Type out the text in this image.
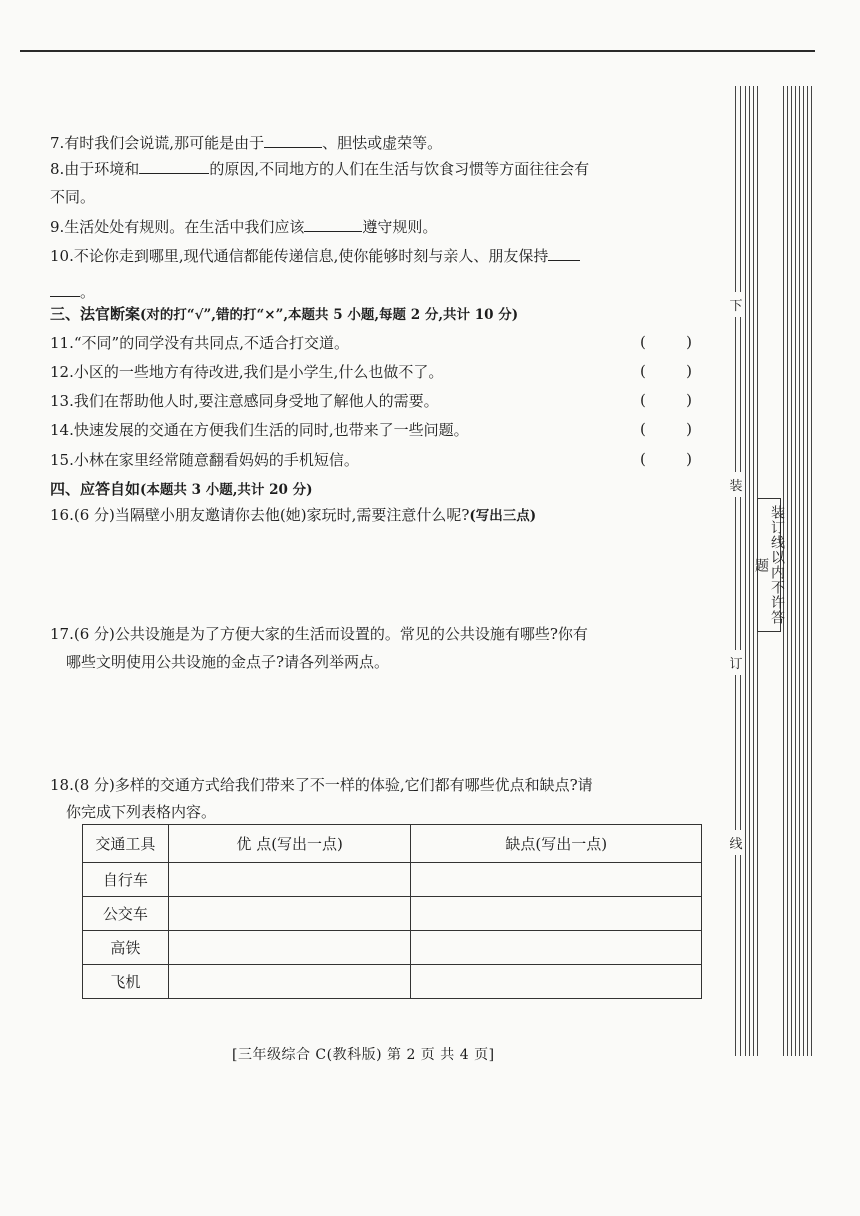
7.有时我们会说谎,那可能是由于	、胆怯或虚荣等。
8.由于环境和	的原因,不同地方的人们在生活与饮食习惯等方面往往会有
不同。
9.生活处处有规则。在生活中我们应该	遵守规则。
10.不论你走到哪里,现代通信都能传递信息,使你能够时刻与亲人、朋友保持
。
三、法官断案(对的打“√”,错的打“×”,本题共 5 小题,每题 2 分,共计 10 分)
11.“不同”的同学没有共同点,不适合打交道。	(	)
12.小区的一些地方有待改进,我们是小学生,什么也做不了。	(	)
13.我们在帮助他人时,要注意感同身受地了解他人的需要。	(	)
14.快速发展的交通在方便我们生活的同时,也带来了一些问题。	(	)
15.小林在家里经常随意翻看妈妈的手机短信。	(	)
四、应答自如(本题共 3 小题,共计 20 分)
16.(6 分)当隔壁小朋友邀请你去他(她)家玩时,需要注意什么呢?(写出三点)
17.(6 分)公共设施是为了方便大家的生活而设置的。常见的公共设施有哪些?你有
哪些文明使用公共设施的金点子?请各列举两点。
18.(8 分)多样的交通方式给我们带来了不一样的体验,它们都有哪些优点和缺点?请
你完成下列表格内容。
交通工具	优 点(写出一点)	缺点(写出一点)
自行车		
公交车		
高铁		
飞机		
下
装
订
线
装订线以内不许答题
[三年级综合 C(教科版) 第 2 页 共 4 页]
